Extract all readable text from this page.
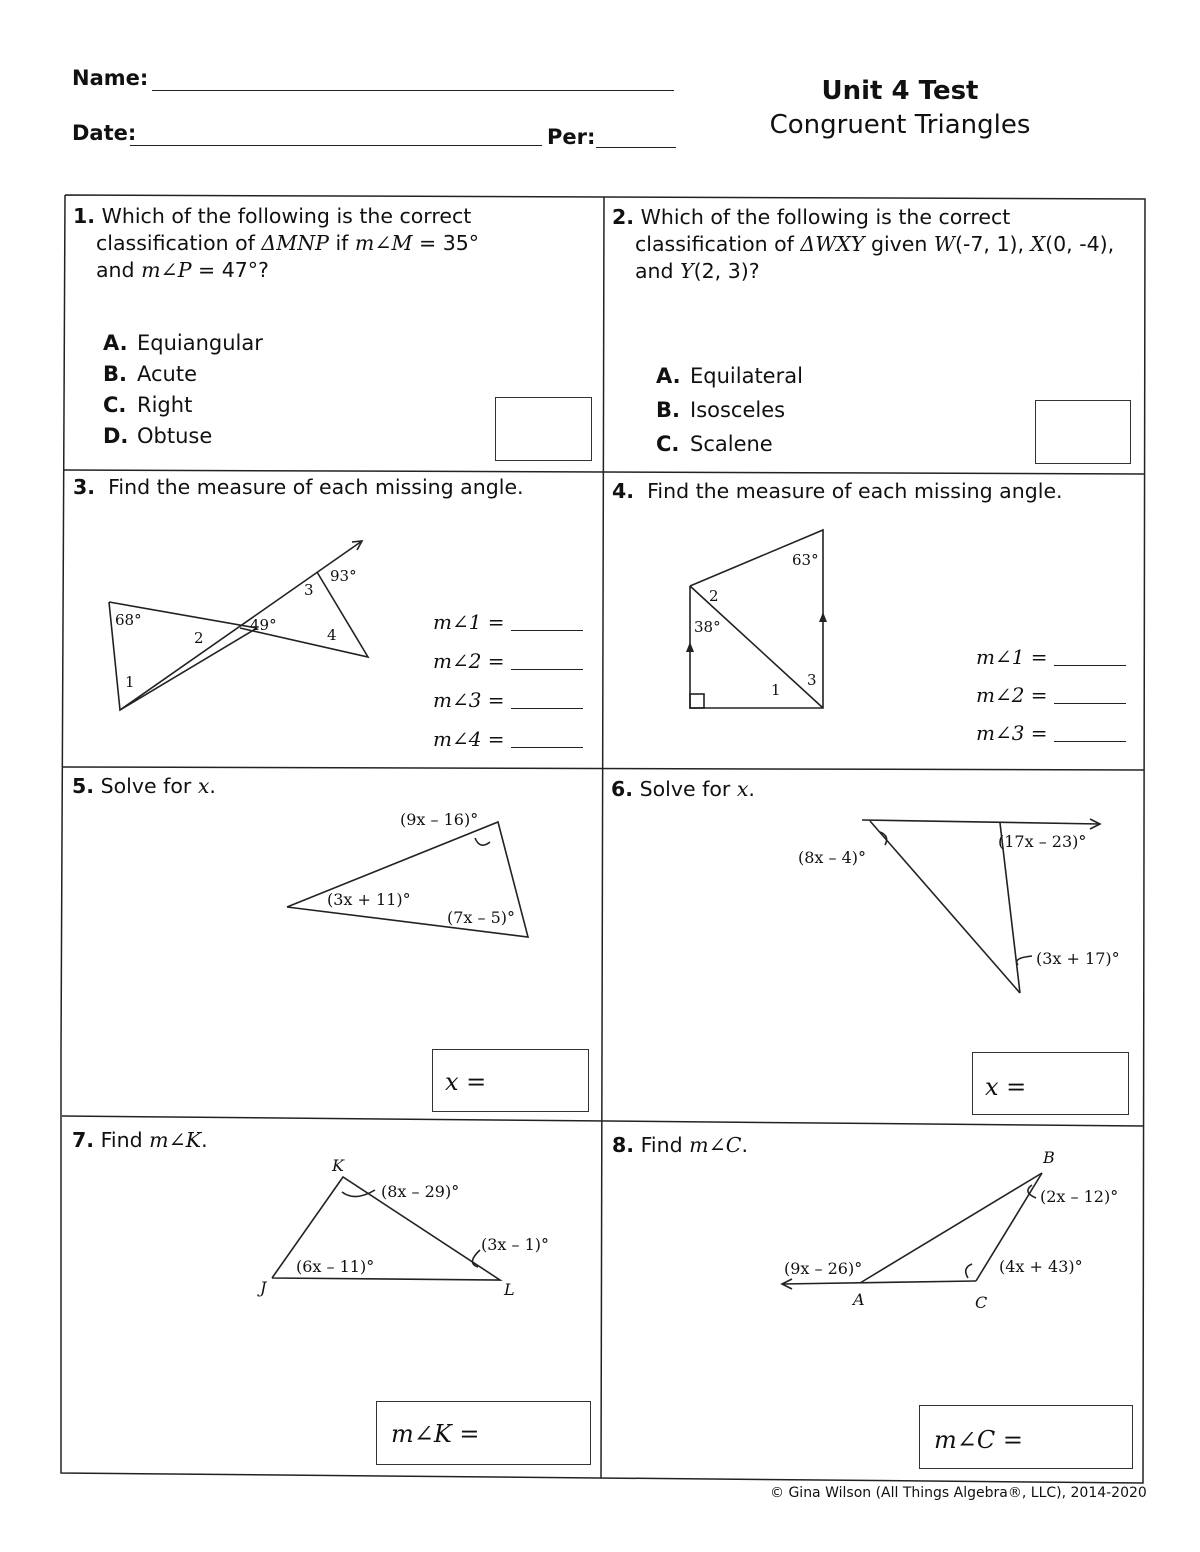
Name:
Date:	Per:
Unit 4 Test
Congruent Triangles
1. Which of the following is the correct
classification of ΔMNP if m∠M = 35°
and m∠P = 47°?
A. Equiangular
B. Acute
C. Right
D. Obtuse
2. Which of the following is the correct
classification of ΔWXY given W(-7, 1), X(0, -4),
and Y(2, 3)?
A. Equilateral
B. Isosceles
C. Scalene
3. Find the measure of each missing angle.
68°	49°
93°
1
2
3
4
m∠1 =
m∠2 =
m∠3 =
m∠4 =
4. Find the measure of each missing angle.
63°
38°
2
1
3
m∠1 =
m∠2 =
m∠3 =
5. Solve for x.
(9x – 16)°
(3x + 11)°
(7x – 5)°
x =
6. Solve for x.
(8x – 4)°
(17x – 23)°
(3x + 17)°
x =
7. Find m∠K.
K
J	L
(8x – 29)°
(6x – 11)°
(3x – 1)°
m∠K =
8. Find m∠C.
B
A	C
(2x – 12)°
(4x + 43)°
(9x – 26)°
m∠C =
© Gina Wilson (All Things Algebra®, LLC), 2014-2020
